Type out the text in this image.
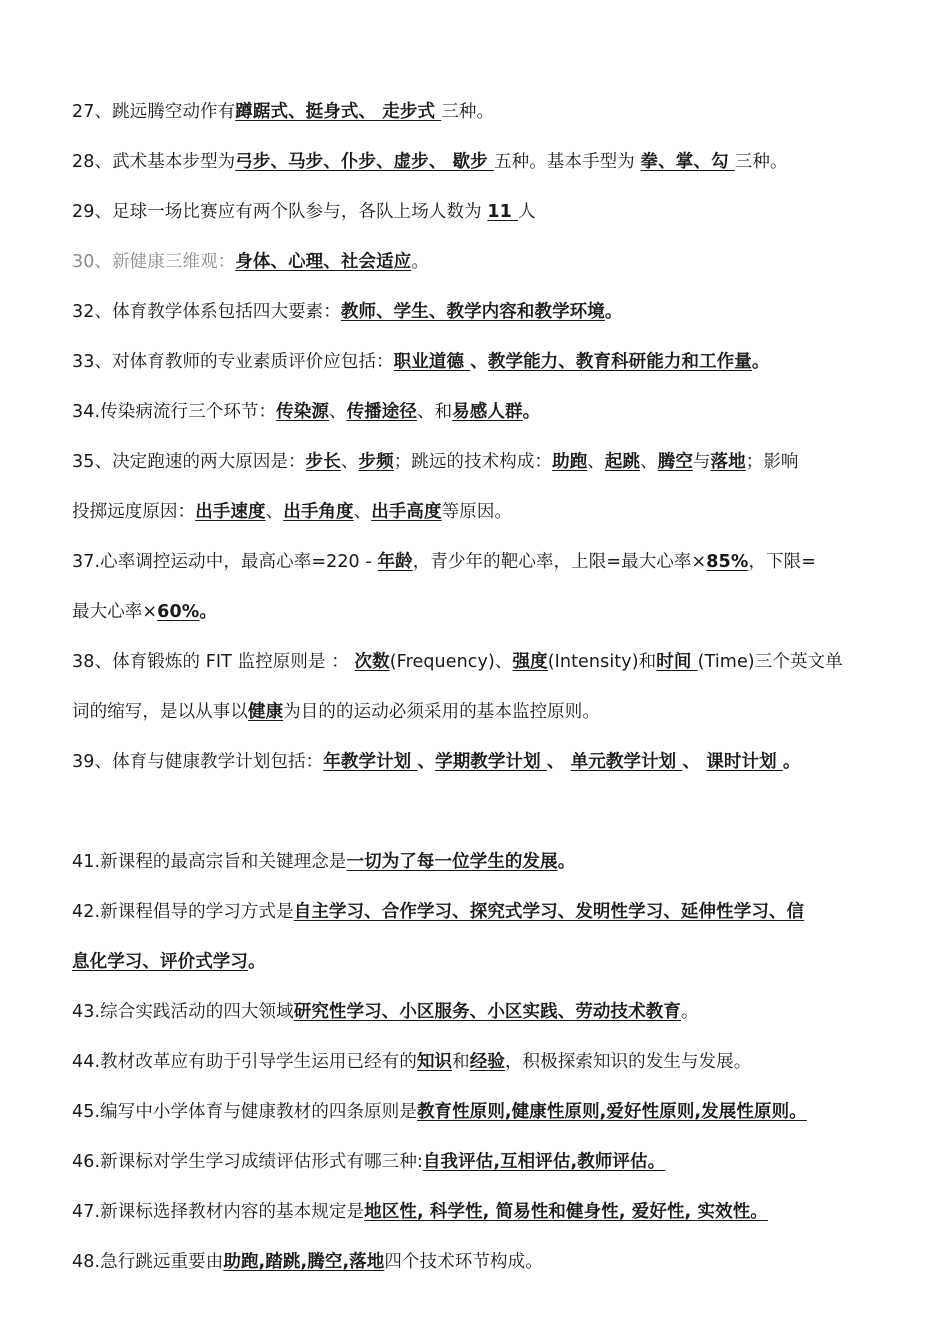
27、跳远腾空动作有蹲踞式、挺身式、 走步式 三种。
28、武术基本步型为弓步、马步、仆步、虚步、 歇步 五种。基本手型为 拳、掌、勾 三种。
29、足球一场比赛应有两个队参与，各队上场人数为 11 人
30、新健康三维观：身体、心理、社会适应。
32、体育教学体系包括四大要素：教师、学生、教学内容和教学环境。
33、对体育教师的专业素质评价应包括：职业道德 、教学能力、教育科研能力和工作量。
34.传染病流行三个环节：传染源、传播途径、和易感人群。
35、决定跑速的两大原因是：步长、步频；跳远的技术构成：助跑、起跳、腾空与落地；影响
投掷远度原因：出手速度、出手角度、出手高度等原因。
37.心率调控运动中，最高心率=220 - 年龄，青少年的靶心率，上限=最大心率×85%，下限=
最大心率×60%。
38、体育锻炼的 FIT 监控原则是 ： 次数(Frequency)、强度(Intensity)和时间 (Time)三个英文单
词的缩写，是以从事以健康为目的的运动必须采用的基本监控原则。
39、体育与健康教学计划包括：年教学计划 、学期教学计划 、 单元教学计划 、 课时计划 。
41.新课程的最高宗旨和关键理念是一切为了每一位学生的发展。
42.新课程倡导的学习方式是自主学习、合作学习、探究式学习、发明性学习、延伸性学习、信
息化学习、评价式学习。
43.综合实践活动的四大领域研究性学习、小区服务、小区实践、劳动技术教育。
44.教材改革应有助于引导学生运用已经有的知识和经验，积极探索知识的发生与发展。
45.编写中小学体育与健康教材的四条原则是教育性原则,健康性原则,爱好性原则,发展性原则。
46.新课标对学生学习成绩评估形式有哪三种:自我评估,互相评估,教师评估。
47.新课标选择教材内容的基本规定是地区性, 科学性, 简易性和健身性, 爱好性, 实效性。
48.急行跳远重要由助跑,踏跳,腾空,落地四个技术环节构成。
